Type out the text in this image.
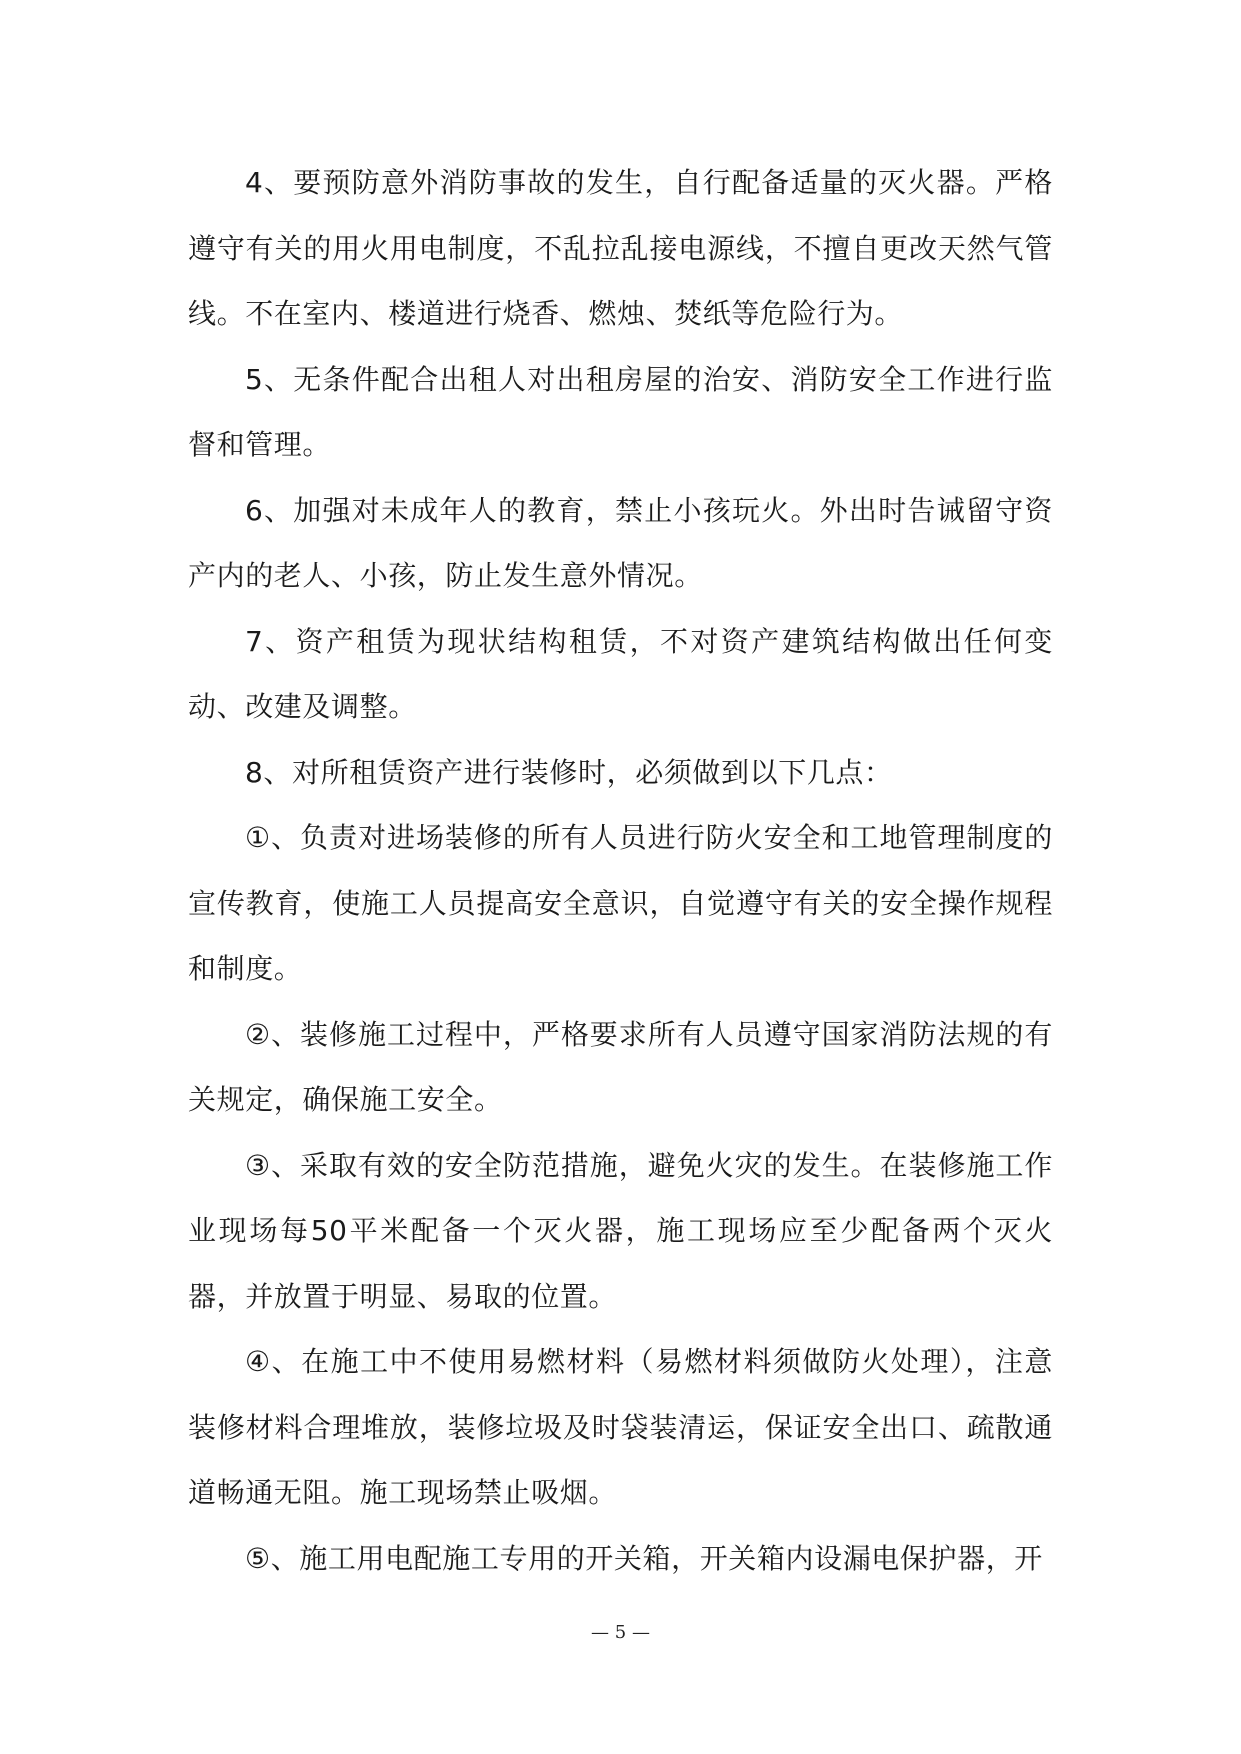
4、要预防意外消防事故的发生，自行配备适量的灭火器。严格遵守有关的用火用电制度，不乱拉乱接电源线，不擅自更改天然气管线。不在室内、楼道进行烧香、燃烛、焚纸等危险行为。

5、无条件配合出租人对出租房屋的治安、消防安全工作进行监督和管理。

6、加强对未成年人的教育，禁止小孩玩火。外出时告诫留守资产内的老人、小孩，防止发生意外情况。

7、资产租赁为现状结构租赁，不对资产建筑结构做出任何变动、改建及调整。

8、对所租赁资产进行装修时，必须做到以下几点：

①、负责对进场装修的所有人员进行防火安全和工地管理制度的宣传教育，使施工人员提高安全意识，自觉遵守有关的安全操作规程和制度。

②、装修施工过程中，严格要求所有人员遵守国家消防法规的有关规定，确保施工安全。

③、采取有效的安全防范措施，避免火灾的发生。在装修施工作业现场每50平米配备一个灭火器，施工现场应至少配备两个灭火器，并放置于明显、易取的位置。

④、在施工中不使用易燃材料（易燃材料须做防火处理），注意装修材料合理堆放，装修垃圾及时袋装清运，保证安全出口、疏散通道畅通无阻。施工现场禁止吸烟。

⑤、施工用电配施工专用的开关箱，开关箱内设漏电保护器，开

— 5 —
